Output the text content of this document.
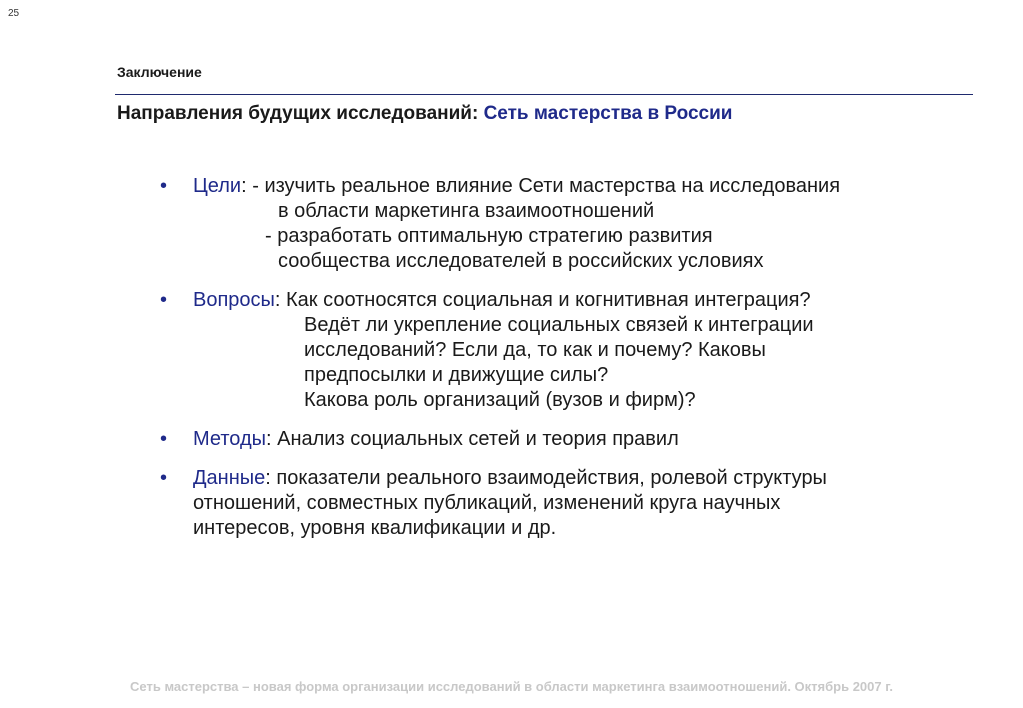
25
Заключение
Направления будущих исследований: Сеть мастерства в России
• Цели: - изучить реальное влияние Сети мастерства на исследования
в области маркетинга взаимоотношений
- разработать оптимальную стратегию развития
сообщества исследователей в российских условиях
• Вопросы: Как соотносятся социальная и когнитивная интеграция?
Ведёт ли укрепление социальных связей к интеграции
исследований? Если да, то как и почему? Каковы
предпосылки и движущие силы?
Какова роль организаций (вузов и фирм)?
• Методы: Анализ социальных сетей и теория правил
• Данные: показатели реального взаимодействия, ролевой структуры
отношений, совместных публикаций, изменений круга научных
интересов, уровня квалификации и др.
Сеть мастерства – новая форма организации исследований в области маркетинга взаимоотношений. Октябрь 2007 г.
